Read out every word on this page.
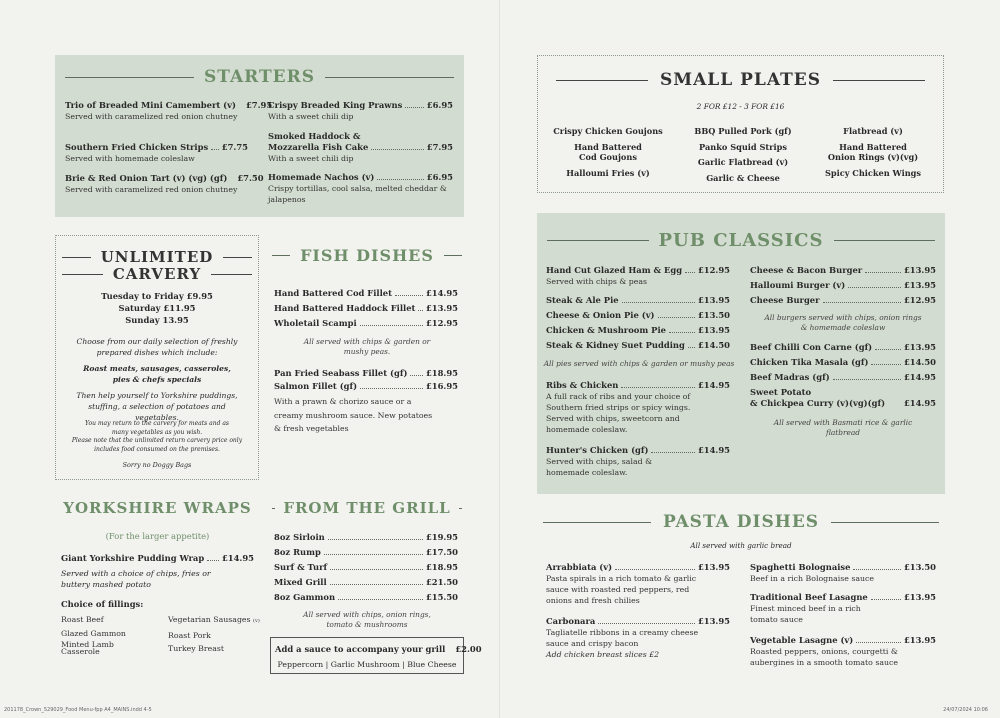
STARTERS
Trio of Breaded Mini Camembert (v) £7.95
Served with caramelized red onion chutney
Southern Fried Chicken Strips £7.75
Served with homemade coleslaw
Brie & Red Onion Tart (v) (vg) (gf) £7.50
Served with caramelized red onion chutney
Crispy Breaded King Prawns	£6.95
With a sweet chili dip
Smoked Haddock &
Mozzarella Fish Cake	£7.95
With a sweet chili dip
Homemade Nachos (v)	£6.95
Crispy tortillas, cool salsa, melted cheddar & jalapenos
UNLIMITED
CARVERY
Tuesday to Friday £9.95
Saturday £11.95
Sunday 13.95
Choose from our daily selection of freshly prepared dishes which include:
Roast meats, sausages, casseroles, pies & chefs specials
Then help yourself to Yorkshire puddings, stuffing, a selection of potatoes and vegetables.
You may return to the carvery for meats and as many vegetables as you wish.
Please note that the unlimited return carvery price only includes food consumed on the premises.
Sorry no Doggy Bags
FISH DISHES
Hand Battered Cod Fillet	£14.95
Hand Battered Haddock Fillet £13.95
Wholetail Scampi	£12.95
All served with chips & garden or mushy peas.
Pan Fried Seabass Fillet (gf) £18.95
Salmon Fillet (gf)	£16.95
With a prawn & chorizo sauce or a creamy mushroom sauce. New potatoes & fresh vegetables
YORKSHIRE WRAPS
(For the larger appetite)
Giant Yorkshire Pudding Wrap £14.95
Served with a choice of chips, fries or buttery mashed potato
Choice of fillings:
Roast Beef
Glazed Gammon
Minted Lamb
Casserole
Vegetarian Sausages (v)
Roast Pork
Turkey Breast
FROM THE GRILL
8oz Sirloin	£19.95
8oz Rump	£17.50
Surf & Turf	£18.95
Mixed Grill	£21.50
8oz Gammon	£15.50
All served with chips, onion rings, tomato & mushrooms
Add a sauce to accompany your grill £2.00
Peppercorn | Garlic Mushroom | Blue Cheese
201178_Crown_529029_Food Menu-fpp A4_MAINS.indd 4-5
SMALL PLATES
2 FOR £12 - 3 FOR £16
Crispy Chicken Goujons
Hand Battered
Cod Goujons
Halloumi Fries (v)
BBQ Pulled Pork (gf)
Panko Squid Strips
Garlic Flatbread (v)
Garlic & Cheese
Flatbread (v)
Hand Battered
Onion Rings (v)(vg)
Spicy Chicken Wings
PUB CLASSICS
Hand Cut Glazed Ham & Egg £12.95
Served with chips & peas
Steak & Ale Pie	£13.95
Cheese & Onion Pie (v)	£13.50
Chicken & Mushroom Pie	£13.95
Steak & Kidney Suet Pudding £14.50
All pies served with chips & garden or mushy peas
Ribs & Chicken	£14.95
A full rack of ribs and your choice of Southern fried strips or spicy wings. Served with chips, sweetcorn and homemade coleslaw.
Hunter's Chicken (gf)	£14.95
Served with chips, salad & homemade coleslaw.
Cheese & Bacon Burger	£13.95
Halloumi Burger (v)	£13.95
Cheese Burger	£12.95
All burgers served with chips, onion rings & homemade coleslaw
Beef Chilli Con Carne (gf)	£13.95
Chicken Tika Masala (gf)	£14.50
Beef Madras (gf)	£14.95
Sweet Potato
& Chickpea Curry (v)(vg)(gf) £14.95
All served with Basmati rice & garlic flatbread
PASTA DISHES
All served with garlic bread
Arrabbiata (v)	£13.95
Pasta spirals in a rich tomato & garlic sauce with roasted red peppers, red onions and fresh chilies
Carbonara	£13.95
Tagliatelle ribbons in a creamy cheese sauce and crispy bacon
Add chicken breast slices £2
Spaghetti Bolognaise	£13.50
Beef in a rich Bolognaise sauce
Traditional Beef Lasagne	£13.95
Finest minced beef in a rich tomato sauce
Vegetable Lasagne (v)	£13.95
Roasted peppers, onions, courgetti & aubergines in a smooth tomato sauce
24/07/2024 10:06
